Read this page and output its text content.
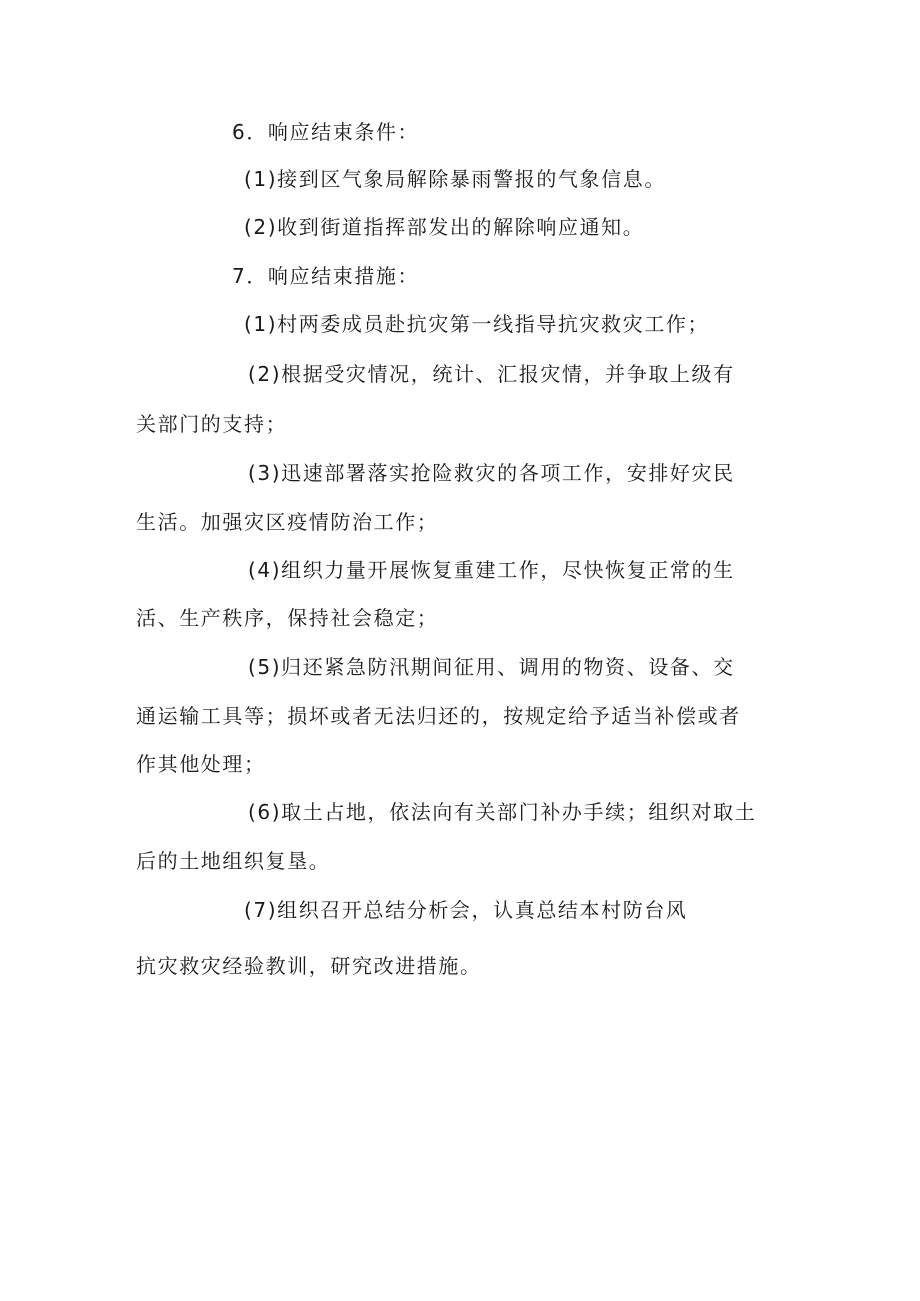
6．响应结束条件：
(1)接到区气象局解除暴雨警报的气象信息。
(2)收到街道指挥部发出的解除响应通知。
7．响应结束措施：
(1)村两委成员赴抗灾第一线指导抗灾救灾工作；
(2)根据受灾情况，统计、汇报灾情，并争取上级有
关部门的支持；
(3)迅速部署落实抢险救灾的各项工作，安排好灾民
生活。加强灾区疫情防治工作；
(4)组织力量开展恢复重建工作，尽快恢复正常的生
活、生产秩序，保持社会稳定；
(5)归还紧急防汛期间征用、调用的物资、设备、交
通运输工具等；损坏或者无法归还的，按规定给予适当补偿或者
作其他处理；
(6)取土占地，依法向有关部门补办手续；组织对取土
后的土地组织复垦。
(7)组织召开总结分析会，认真总结本村防台风
抗灾救灾经验教训，研究改进措施。
